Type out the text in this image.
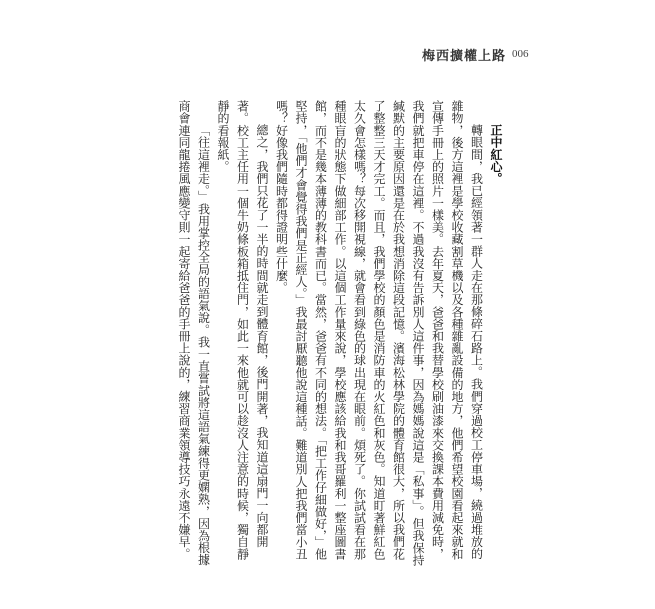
梅西擴權上路 006
正中紅心。
轉眼間，我已經領著一群人走在那條碎石路上。我們穿過校工停車場，繞過堆放的
雜物，後方這裡是學校收藏割草機以及各種雜亂設備的地方，他們希望校園看起來就和
宣傳手冊上的照片一樣美。去年夏天，爸爸和我替學校刷油漆來交換課本費用減免時，
我們就把車停在這裡。不過我沒有告訴別人這件事，因為媽媽說這是「私事」。但我保持
緘默的主要原因還是在於我想消除這段記憶。濱海松林學院的體育館很大，所以我們花
了整整三天才完工。而且，我們學校的顏色是消防車的火紅色和灰色。知道盯著鮮紅色
太久會怎樣嗎？每次移開視線，就會看到綠色的球出現在眼前。煩死了。你試試看在那
種眼盲的狀態下做細部工作。以這個工作量來說，學校應該給我和我哥羅利一整座圖書
館，而不是幾本薄薄的教科書而已。當然，爸爸有不同的想法。「把工作仔細做好，」他
堅持，「他們才會覺得我們是正經人。」我最討厭聽他說這種話。難道別人把我們當小丑
嗎？好像我們隨時都得證明些什麼。
總之，我們只花了一半的時間就走到體育館，後門開著，我知道這扇門一向都開
著。校工主任用一個牛奶條板箱抵住門，如此一來他就可以趁沒人注意的時候，獨自靜
靜的看報紙。
「往這裡走。」我用掌控全局的語氣說。我一直嘗試將這語氣練得更嫻熟，因為根據
商會連同龍捲風應變守則一起寄給爸爸的手冊上說的，練習商業領導技巧永遠不嫌早。
